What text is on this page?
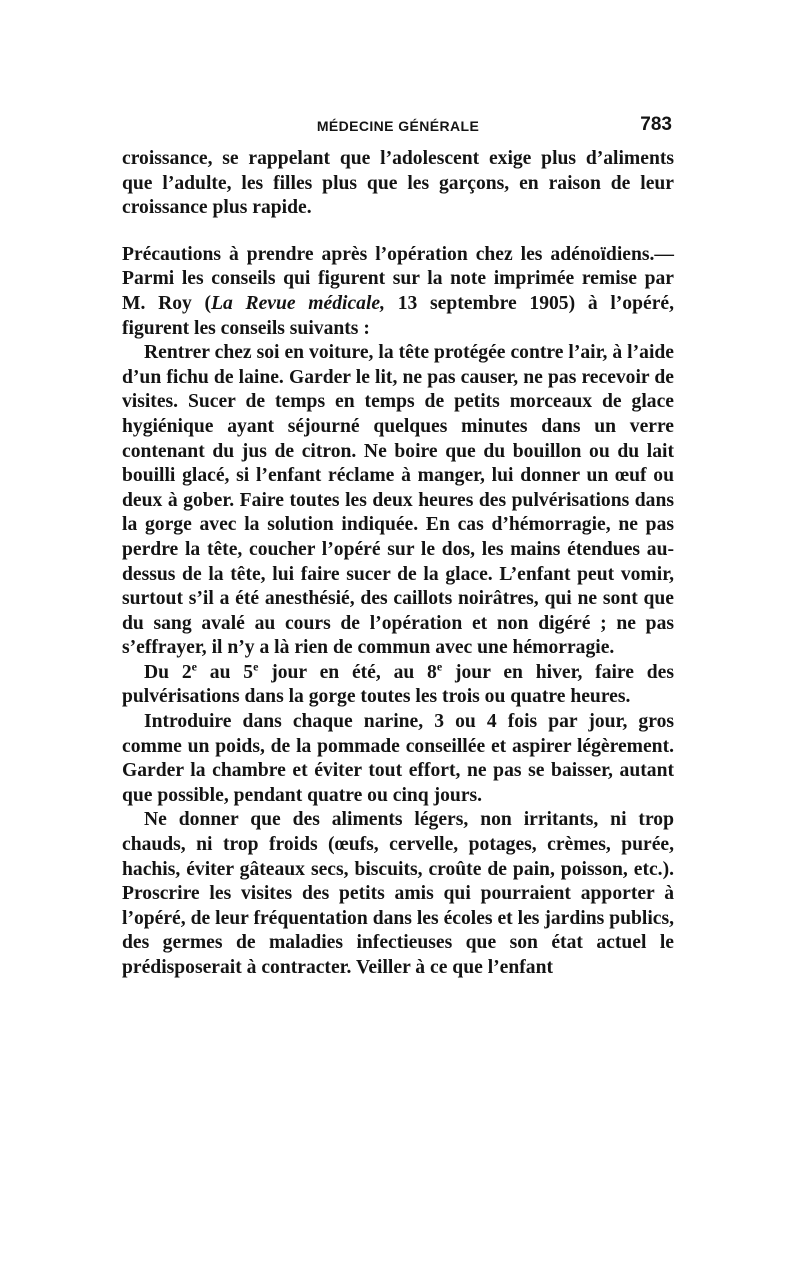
MÉDECINE GÉNÉRALE	783

croissance, se rappelant que l’adolescent exige plus d’aliments que l’adulte, les filles plus que les garçons, en raison de leur croissance plus rapide.

Précautions à prendre après l’opération chez les adénoïdiens.— Parmi les conseils qui figurent sur la note imprimée remise par M. Roy (La Revue médicale, 13 septembre 1905) à l’opéré, figurent les conseils suivants :

Rentrer chez soi en voiture, la tête protégée contre l’air, à l’aide d’un fichu de laine. Garder le lit, ne pas causer, ne pas recevoir de visites. Sucer de temps en temps de petits morceaux de glace hygiénique ayant séjourné quelques minutes dans un verre contenant du jus de citron. Ne boire que du bouillon ou du lait bouilli glacé, si l’enfant réclame à manger, lui donner un œuf ou deux à gober. Faire toutes les deux heures des pulvérisations dans la gorge avec la solution indiquée. En cas d’hémorragie, ne pas perdre la tête, coucher l’opéré sur le dos, les mains étendues au-dessus de la tête, lui faire sucer de la glace. L’enfant peut vomir, surtout s’il a été anesthésié, des caillots noirâtres, qui ne sont que du sang avalé au cours de l’opération et non digéré ; ne pas s’effrayer, il n’y a là rien de commun avec une hémorragie.

Du 2e au 5e jour en été, au 8e jour en hiver, faire des pulvérisations dans la gorge toutes les trois ou quatre heures.

Introduire dans chaque narine, 3 ou 4 fois par jour, gros comme un poids, de la pommade conseillée et aspirer légèrement. Garder la chambre et éviter tout effort, ne pas se baisser, autant que possible, pendant quatre ou cinq jours.

Ne donner que des aliments légers, non irritants, ni trop chauds, ni trop froids (œufs, cervelle, potages, crèmes, purée, hachis, éviter gâteaux secs, biscuits, croûte de pain, poisson, etc.). Proscrire les visites des petits amis qui pourraient apporter à l’opéré, de leur fréquentation dans les écoles et les jardins publics, des germes de maladies infectieuses que son état actuel le prédisposerait à contracter. Veiller à ce que l’enfant
